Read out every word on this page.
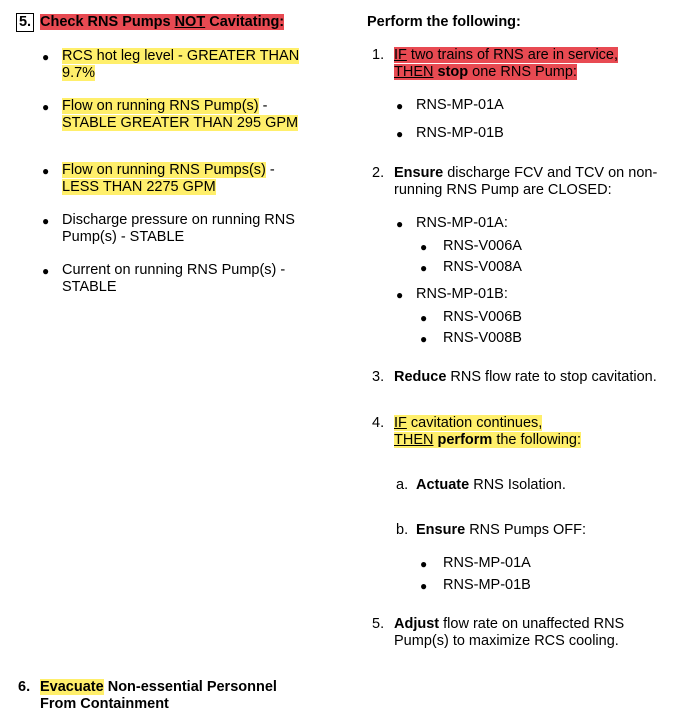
5. Check RNS Pumps NOT Cavitating:
● RCS hot leg level - GREATER THAN
9.7%
● Flow on running RNS Pump(s) -
STABLE GREATER THAN 295 GPM
● Flow on running RNS Pumps(s) -
LESS THAN 2275 GPM
● Discharge pressure on running RNS
Pump(s) - STABLE
● Current on running RNS Pump(s) -
STABLE
6. Evacuate Non-essential Personnel
From Containment
Perform the following:
1. IF two trains of RNS are in service,
THEN stop one RNS Pump:
● RNS-MP-01A
● RNS-MP-01B
2. Ensure discharge FCV and TCV on non-
running RNS Pump are CLOSED:
● RNS-MP-01A:
● RNS-V006A
● RNS-V008A
● RNS-MP-01B:
● RNS-V006B
● RNS-V008B
3. Reduce RNS flow rate to stop cavitation.
4. IF cavitation continues,
THEN perform the following:
a. Actuate RNS Isolation.
b. Ensure RNS Pumps OFF:
● RNS-MP-01A
● RNS-MP-01B
5. Adjust flow rate on unaffected RNS
Pump(s) to maximize RCS cooling.
